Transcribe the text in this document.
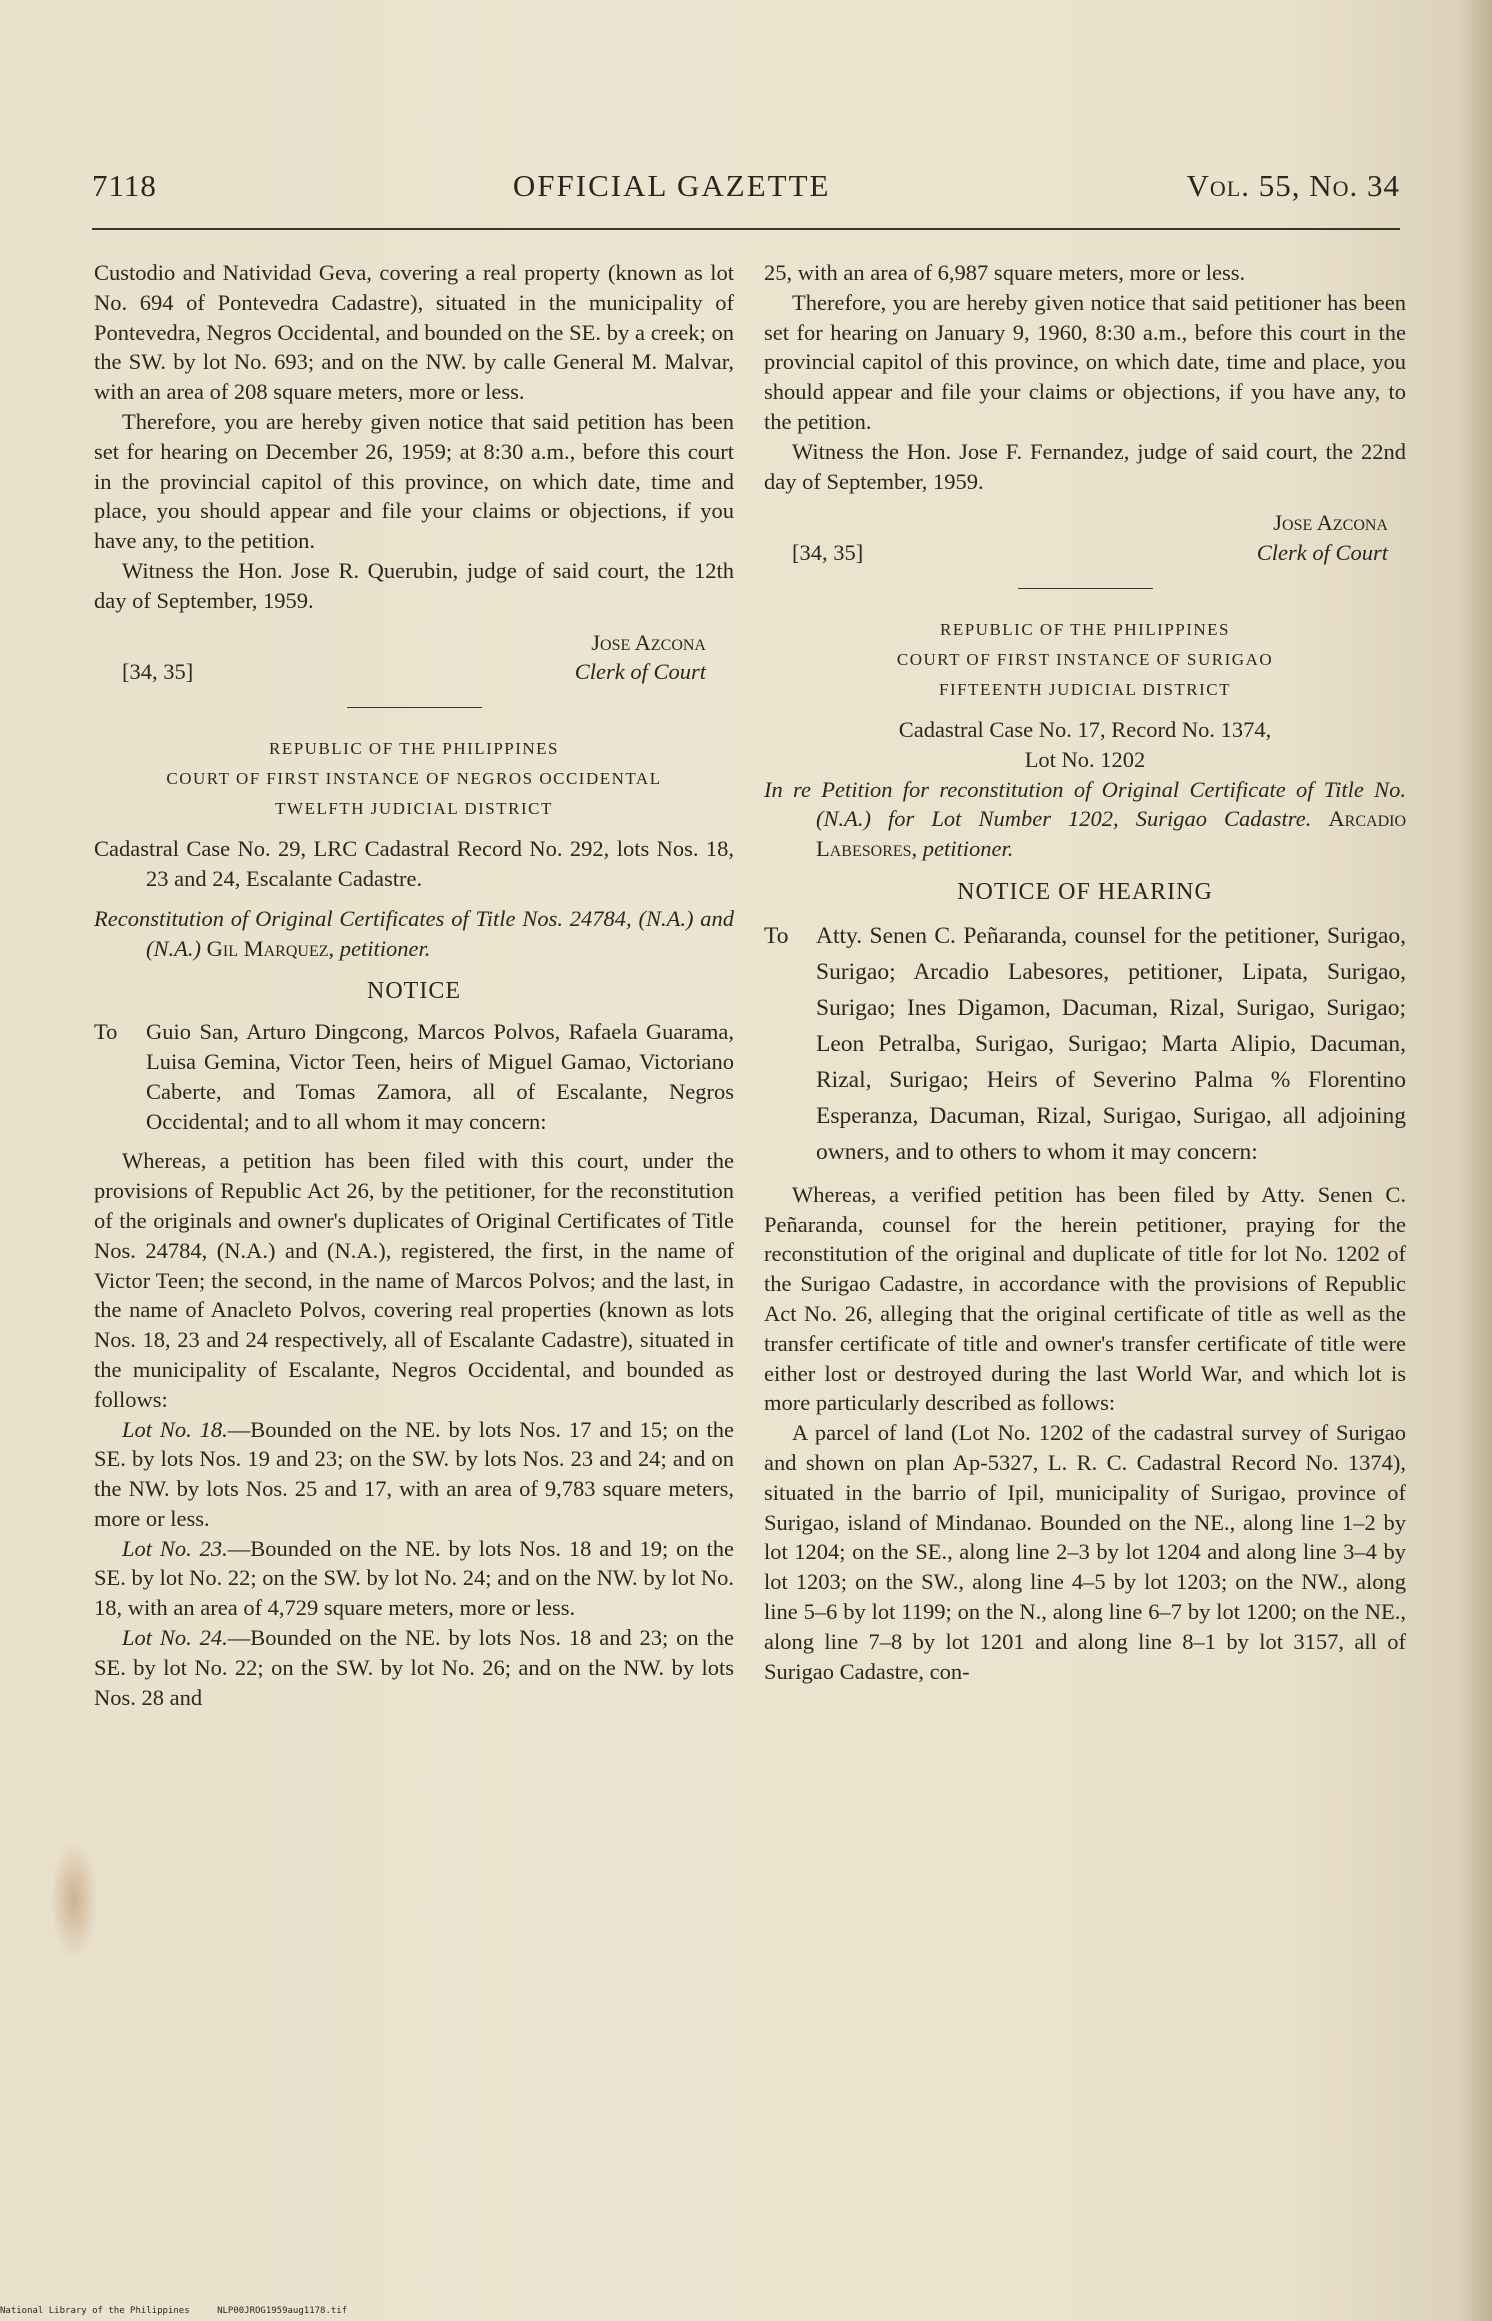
7118	OFFICIAL GAZETTE	Vol. 55, No. 34

Custodio and Natividad Geva, covering a real property (known as lot No. 694 of Pontevedra Cadastre), situated in the municipality of Pontevedra, Negros Occidental, and bounded on the SE. by a creek; on the SW. by lot No. 693; and on the NW. by calle General M. Malvar, with an area of 208 square meters, more or less.

Therefore, you are hereby given notice that said petition has been set for hearing on December 26, 1959; at 8:30 a.m., before this court in the provincial capitol of this province, on which date, time and place, you should appear and file your claims or objections, if you have any, to the petition.

Witness the Hon. Jose R. Querubin, judge of said court, the 12th day of September, 1959.

[34, 35]
Jose Azcona
Clerk of Court
REPUBLIC OF THE PHILIPPINES
COURT OF FIRST INSTANCE OF NEGROS OCCIDENTAL
TWELFTH JUDICIAL DISTRICT

Cadastral Case No. 29, LRC Cadastral Record No. 292, lots Nos. 18, 23 and 24, Escalante Cadastre.

Reconstitution of Original Certificates of Title Nos. 24784, (N.A.) and (N.A.) Gil Marquez, petitioner.

NOTICE
To	Guio San, Arturo Dingcong, Marcos Polvos, Rafaela Guarama, Luisa Gemina, Victor Teen, heirs of Miguel Gamao, Victoriano Caberte, and Tomas Zamora, all of Escalante, Negros Occidental; and to all whom it may concern:

Whereas, a petition has been filed with this court, under the provisions of Republic Act 26, by the petitioner, for the reconstitution of the originals and owner's duplicates of Original Certificates of Title Nos. 24784, (N.A.) and (N.A.), registered, the first, in the name of Victor Teen; the second, in the name of Marcos Polvos; and the last, in the name of Anacleto Polvos, covering real properties (known as lots Nos. 18, 23 and 24 respectively, all of Escalante Cadastre), situated in the municipality of Escalante, Negros Occidental, and bounded as follows:

Lot No. 18.—Bounded on the NE. by lots Nos. 17 and 15; on the SE. by lots Nos. 19 and 23; on the SW. by lots Nos. 23 and 24; and on the NW. by lots Nos. 25 and 17, with an area of 9,783 square meters, more or less.

Lot No. 23.—Bounded on the NE. by lots Nos. 18 and 19; on the SE. by lot No. 22; on the SW. by lot No. 24; and on the NW. by lot No. 18, with an area of 4,729 square meters, more or less.

Lot No. 24.—Bounded on the NE. by lots Nos. 18 and 23; on the SE. by lot No. 22; on the SW. by lot No. 26; and on the NW. by lots Nos. 28 and

25, with an area of 6,987 square meters, more or less.

Therefore, you are hereby given notice that said petitioner has been set for hearing on January 9, 1960, 8:30 a.m., before this court in the provincial capitol of this province, on which date, time and place, you should appear and file your claims or objections, if you have any, to the petition.

Witness the Hon. Jose F. Fernandez, judge of said court, the 22nd day of September, 1959.

[34, 35]
Jose Azcona
Clerk of Court
REPUBLIC OF THE PHILIPPINES
COURT OF FIRST INSTANCE OF SURIGAO
FIFTEENTH JUDICIAL DISTRICT
Cadastral Case No. 17, Record No. 1374,
Lot No. 1202

In re Petition for reconstitution of Original Certificate of Title No. (N.A.) for Lot Number 1202, Surigao Cadastre. Arcadio Labesores, petitioner.

NOTICE OF HEARING
To	Atty. Senen C. Peñaranda, counsel for the petitioner, Surigao, Surigao; Arcadio Labesores, petitioner, Lipata, Surigao, Surigao; Ines Digamon, Dacuman, Rizal, Surigao, Surigao; Leon Petralba, Surigao, Surigao; Marta Alipio, Dacuman, Rizal, Surigao; Heirs of Severino Palma % Florentino Esperanza, Dacuman, Rizal, Surigao, Surigao, all adjoining owners, and to others to whom it may concern:

Whereas, a verified petition has been filed by Atty. Senen C. Peñaranda, counsel for the herein petitioner, praying for the reconstitution of the original and duplicate of title for lot No. 1202 of the Surigao Cadastre, in accordance with the provisions of Republic Act No. 26, alleging that the original certificate of title as well as the transfer certificate of title and owner's transfer certificate of title were either lost or destroyed during the last World War, and which lot is more particularly described as follows:

A parcel of land (Lot No. 1202 of the cadastral survey of Surigao and shown on plan Ap-5327, L. R. C. Cadastral Record No. 1374), situated in the barrio of Ipil, municipality of Surigao, province of Surigao, island of Mindanao. Bounded on the NE., along line 1–2 by lot 1204; on the SE., along line 2–3 by lot 1204 and along line 3–4 by lot 1203; on the SW., along line 4–5 by lot 1203; on the NW., along line 5–6 by lot 1199; on the N., along line 6–7 by lot 1200; on the NE., along line 7–8 by lot 1201 and along line 8–1 by lot 3157, all of Surigao Cadastre, con-

National Library of the Philippines	NLP00JROG1959aug1178.tif
